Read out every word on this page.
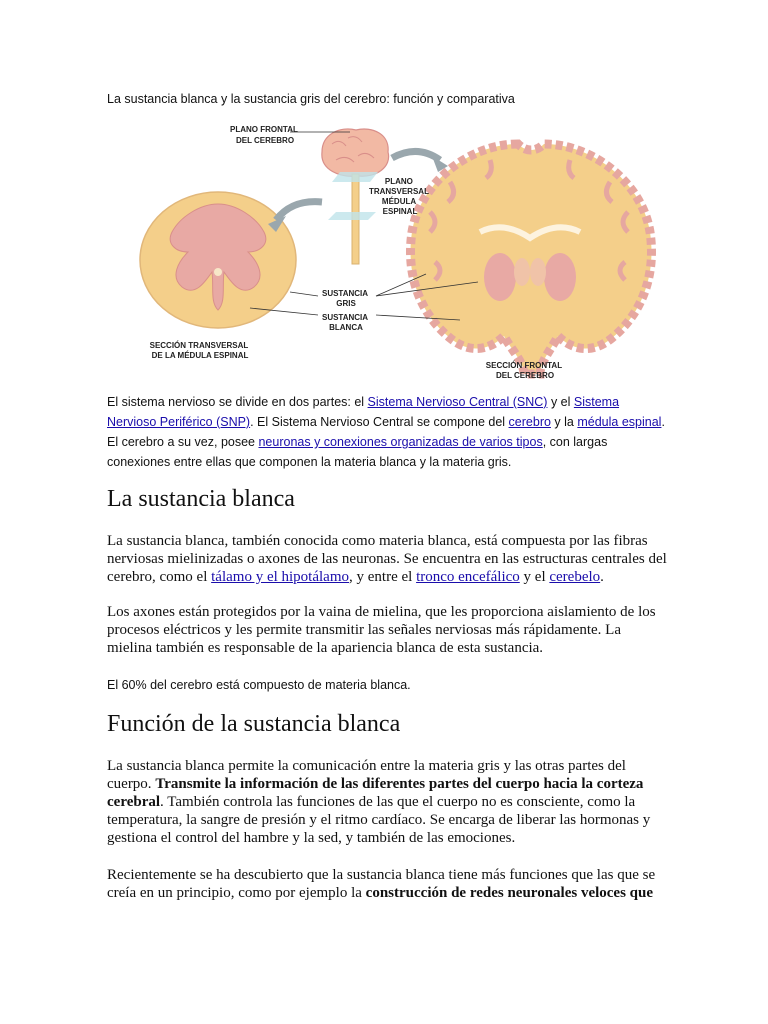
La sustancia blanca y la sustancia gris del cerebro: función y comparativa
PLANO FRONTAL DEL CEREBRO
PLANO TRANSVERSAL MÉDULA ESPINAL
SUSTANCIA GRIS
SUSTANCIA BLANCA
SECCIÓN TRANSVERSAL DE LA MÉDULA ESPINAL
SECCIÓN FRONTAL DEL CEREBRO
El sistema nervioso se divide en dos partes: el Sistema Nervioso Central (SNC) y el Sistema Nervioso Periférico (SNP). El Sistema Nervioso Central se compone del cerebro y la médula espinal. El cerebro a su vez, posee neuronas y conexiones organizadas de varios tipos, con largas conexiones entre ellas que componen la materia blanca y la materia gris.
La sustancia blanca
La sustancia blanca, también conocida como materia blanca, está compuesta por las fibras nerviosas mielinizadas o axones de las neuronas. Se encuentra en las estructuras centrales del cerebro, como el tálamo y el hipotálamo, y entre el tronco encefálico y el cerebelo.
Los axones están protegidos por la vaina de mielina, que les proporciona aislamiento de los procesos eléctricos y les permite transmitir las señales nerviosas más rápidamente. La mielina también es responsable de la apariencia blanca de esta sustancia.
El 60% del cerebro está compuesto de materia blanca.
Función de la sustancia blanca
La sustancia blanca permite la comunicación entre la materia gris y las otras partes del cuerpo. Transmite la información de las diferentes partes del cuerpo hacia la corteza cerebral. También controla las funciones de las que el cuerpo no es consciente, como la temperatura, la sangre de presión y el ritmo cardíaco. Se encarga de liberar las hormonas y gestiona el control del hambre y la sed, y también de las emociones.
Recientemente se ha descubierto que la sustancia blanca tiene más funciones que las que se creía en un principio, como por ejemplo la construcción de redes neuronales veloces que
